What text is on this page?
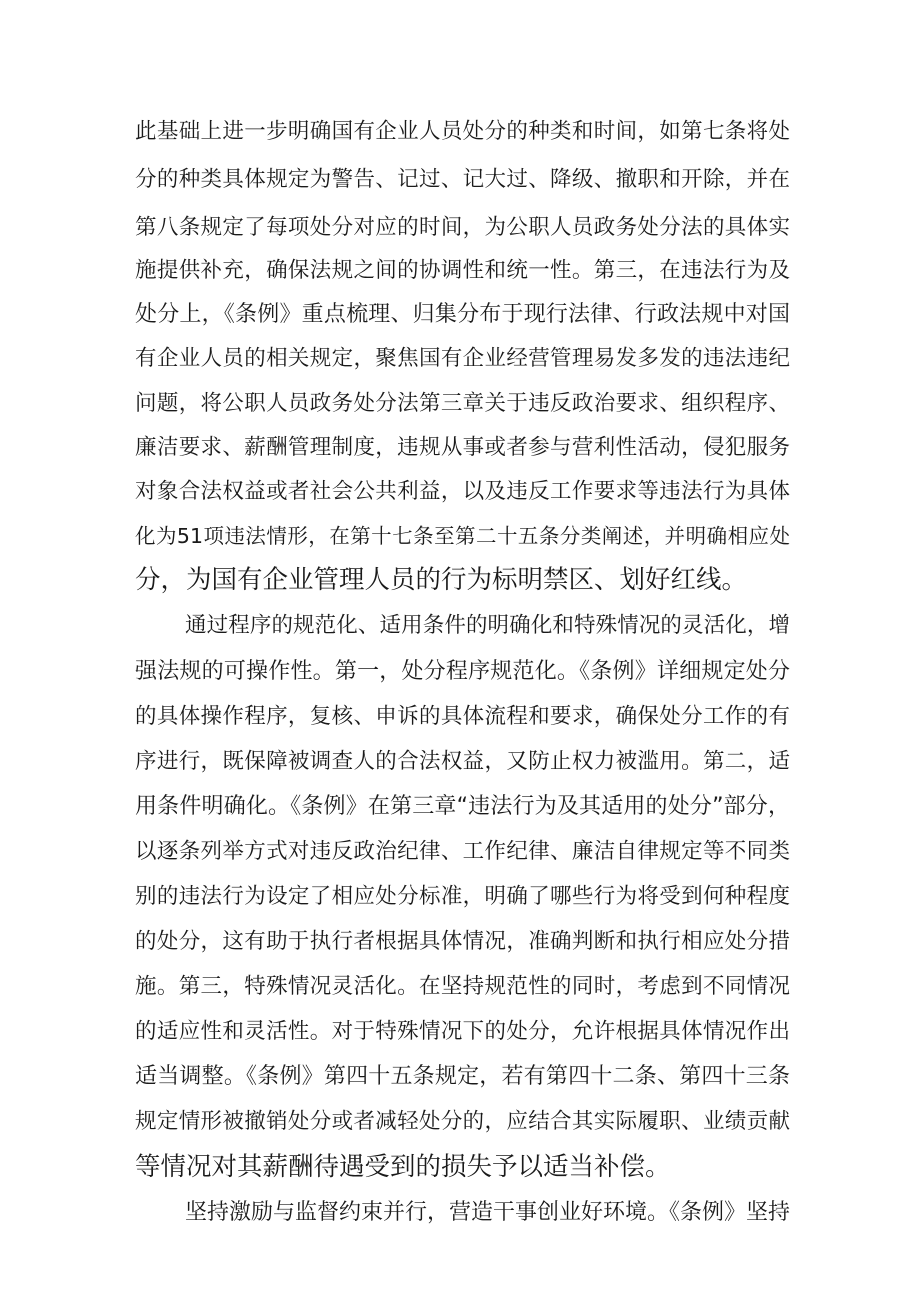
此基础上进一步明确国有企业人员处分的种类和时间，如第七条将处
分的种类具体规定为警告、记过、记大过、降级、撤职和开除，并在
第八条规定了每项处分对应的时间，为公职人员政务处分法的具体实
施提供补充，确保法规之间的协调性和统一性。第三，在违法行为及
处分上，《条例》重点梳理、归集分布于现行法律、行政法规中对国
有企业人员的相关规定，聚焦国有企业经营管理易发多发的违法违纪
问题，将公职人员政务处分法第三章关于违反政治要求、组织程序、
廉洁要求、薪酬管理制度，违规从事或者参与营利性活动，侵犯服务
对象合法权益或者社会公共利益，以及违反工作要求等违法行为具体
化为51项违法情形，在第十七条至第二十五条分类阐述，并明确相应处
分，为国有企业管理人员的行为标明禁区、划好红线。
通过程序的规范化、适用条件的明确化和特殊情况的灵活化，增
强法规的可操作性。第一，处分程序规范化。《条例》详细规定处分
的具体操作程序，复核、申诉的具体流程和要求，确保处分工作的有
序进行，既保障被调查人的合法权益，又防止权力被滥用。第二，适
用条件明确化。《条例》在第三章“违法行为及其适用的处分”部分，
以逐条列举方式对违反政治纪律、工作纪律、廉洁自律规定等不同类
别的违法行为设定了相应处分标准，明确了哪些行为将受到何种程度
的处分，这有助于执行者根据具体情况，准确判断和执行相应处分措
施。第三，特殊情况灵活化。在坚持规范性的同时，考虑到不同情况
的适应性和灵活性。对于特殊情况下的处分，允许根据具体情况作出
适当调整。《条例》第四十五条规定，若有第四十二条、第四十三条
规定情形被撤销处分或者减轻处分的，应结合其实际履职、业绩贡献
等情况对其薪酬待遇受到的损失予以适当补偿。
坚持激励与监督约束并行，营造干事创业好环境。《条例》坚持
